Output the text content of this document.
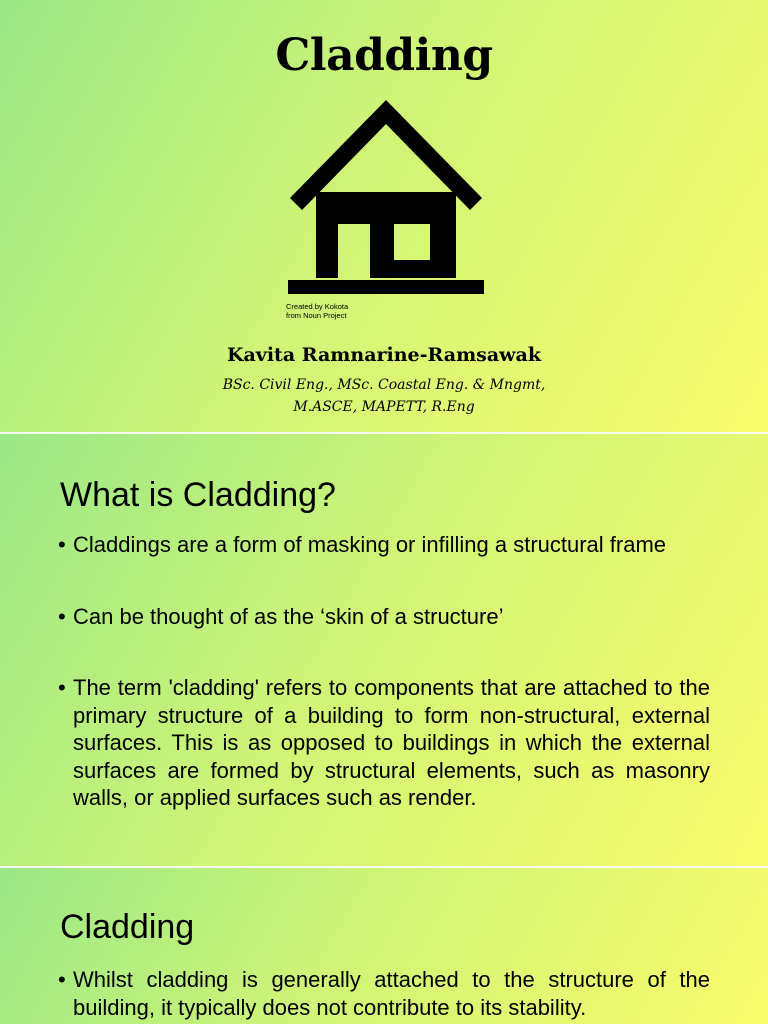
Cladding
Created by Kokota
from Noun Project
Kavita Ramnarine-Ramsawak
BSc. Civil Eng., MSc. Coastal Eng. & Mngmt,
M.ASCE, MAPETT, R.Eng
What is Cladding?
• Claddings are a form of masking or infilling a structural frame
• Can be thought of as the ‘skin of a structure’
• The term 'cladding' refers to components that are attached to the primary structure of a building to form non-structural, external surfaces. This is as opposed to buildings in which the external surfaces are formed by structural elements, such as masonry walls, or applied surfaces such as render.
Cladding
• Whilst cladding is generally attached to the structure of the building, it typically does not contribute to its stability.
